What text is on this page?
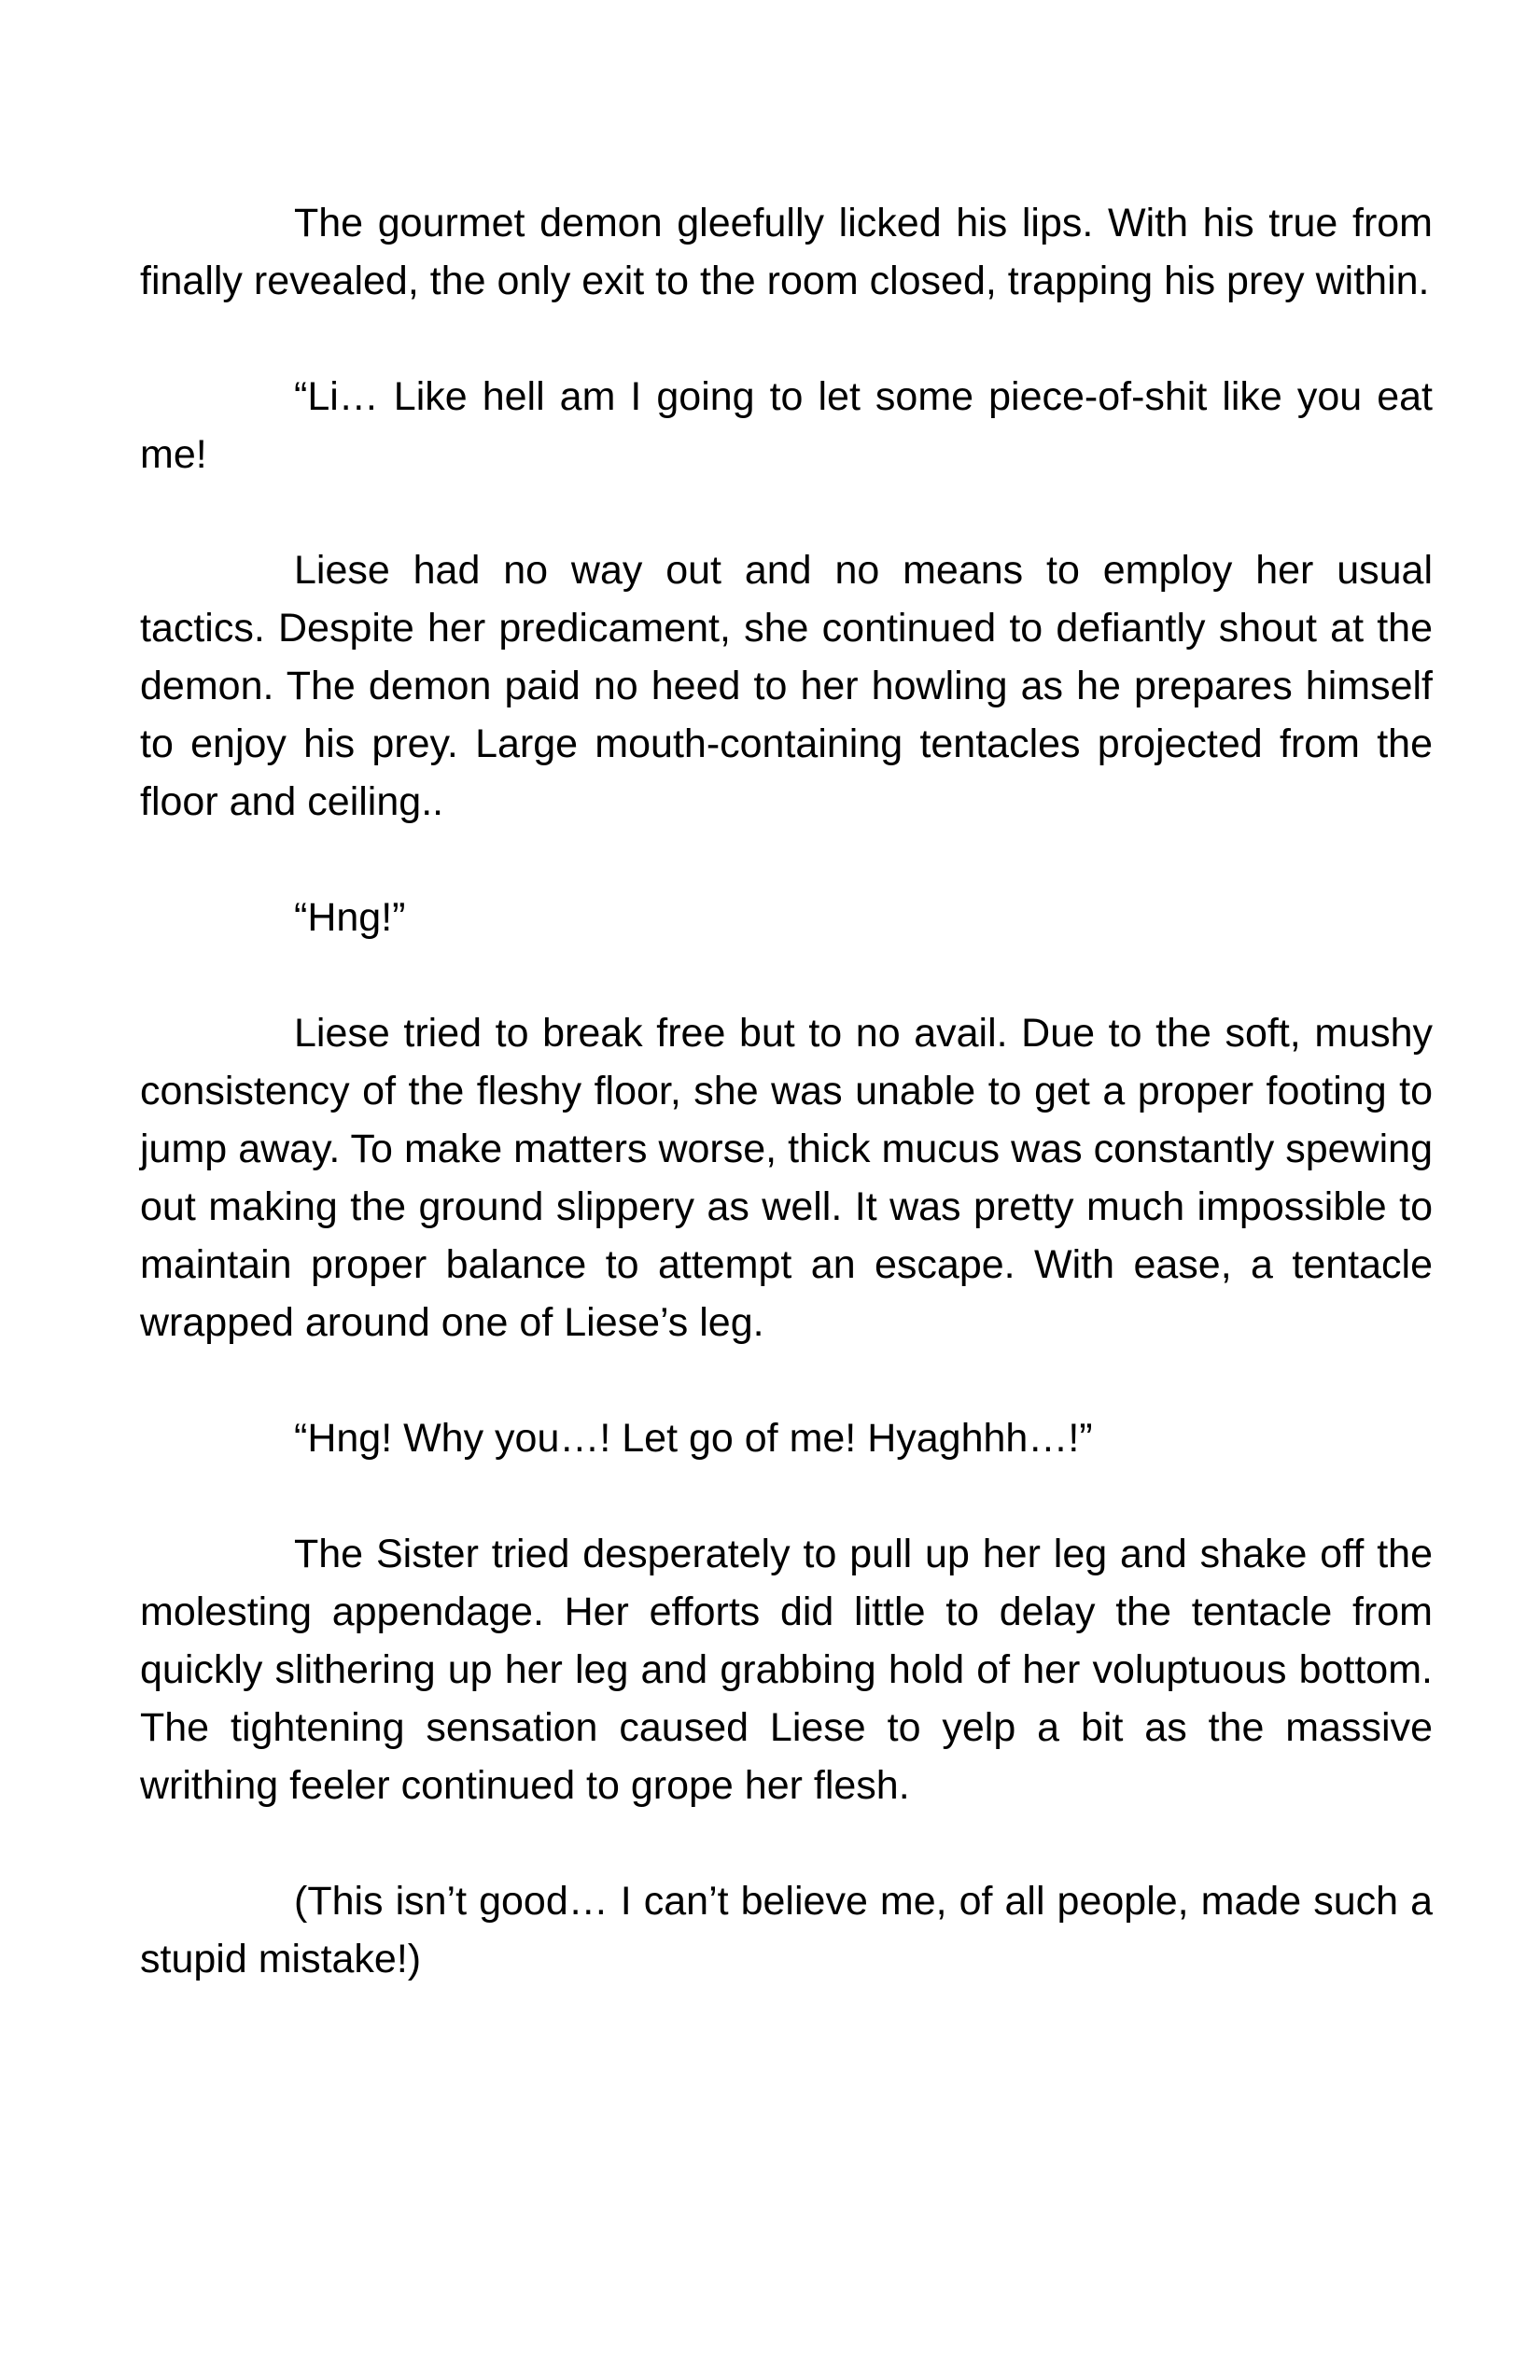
The gourmet demon gleefully licked his lips. With his true from finally revealed, the only exit to the room closed, trapping his prey within.

“Li… Like hell am I going to let some piece-of-shit like you eat me!

Liese had no way out and no means to employ her usual tactics. Despite her predicament, she continued to defiantly shout at the demon. The demon paid no heed to her howling as he prepares himself to enjoy his prey. Large mouth-containing tentacles projected from the floor and ceiling..

“Hng!”

Liese tried to break free but to no avail. Due to the soft, mushy consistency of the fleshy floor, she was unable to get a proper footing to jump away. To make matters worse, thick mucus was constantly spewing out making the ground slippery as well. It was pretty much impossible to maintain proper balance to attempt an escape. With ease, a tentacle wrapped around one of Liese’s leg.

“Hng! Why you…! Let go of me! Hyaghhh…!”

The Sister tried desperately to pull up her leg and shake off the molesting appendage. Her efforts did little to delay the tentacle from quickly slithering up her leg and grabbing hold of her voluptuous bottom. The tightening sensation caused Liese to yelp a bit as the massive writhing feeler continued to grope her flesh.

(This isn’t good… I can’t believe me, of all people, made such a stupid mistake!)
